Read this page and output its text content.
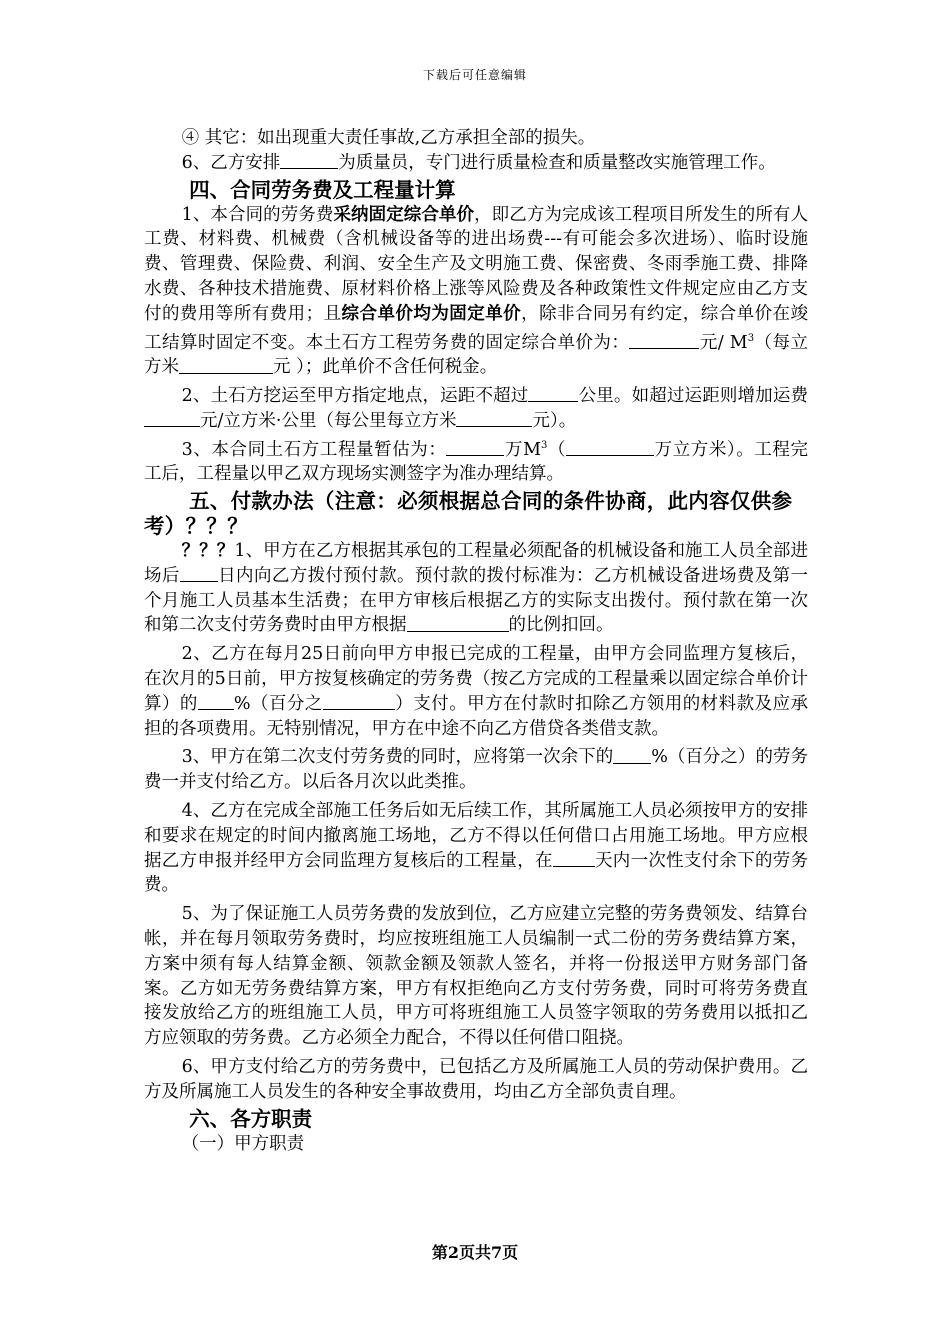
下载后可任意编辑

④ 其它：如出现重大责任事故,乙方承担全部的损失。

6、乙方安排	为质量员，专门进行质量检查和质量整改实施管理工作。

四、合同劳务费及工程量计算

1、本合同的劳务费采纳固定综合单价，即乙方为完成该工程项目所发生的所有人工费、材料费、机械费（含机械设备等的进出场费---有可能会多次进场）、临时设施费、管理费、保险费、利润、安全生产及文明施工费、保密费、冬雨季施工费、排降水费、各种技术措施费、原材料价格上涨等风险费及各种政策性文件规定应由乙方支付的费用等所有费用；且综合单价均为固定单价，除非合同另有约定，综合单价在竣工结算时固定不变。本土石方工程劳务费的固定综合单价为：	元/ $M^3$（每立方米	元 ）；此单价不含任何税金。

2、土石方挖运至甲方指定地点，运距不超过	公里。如超过运距则增加运费元/立方米·公里（每公里每立方米	元）。

3、本合同土石方工程量暂估为：	万$M^3$（	万立方米）。工程完工后，工程量以甲乙双方现场实测签字为准办理结算。

五、付款办法（注意：必须根据总合同的条件协商，此内容仅供参考）？？？

？？？1、甲方在乙方根据其承包的工程量必须配备的机械设备和施工人员全部进场后 日内向乙方拨付预付款。预付款的拨付标准为：乙方机械设备进场费及第一个月施工人员基本生活费；在甲方审核后根据乙方的实际支出拨付。预付款在第一次和第二次支付劳务费时由甲方根据	的比例扣回。

2、乙方在每月25日前向甲方申报已完成的工程量，由甲方会同监理方复核后，在次月的5日前，甲方按复核确定的劳务费（按乙方完成的工程量乘以固定综合单价计算）的 %（百分之	）支付。甲方在付款时扣除乙方领用的材料款及应承担的各项费用。无特别情况，甲方在中途不向乙方借贷各类借支款。

3、甲方在第二次支付劳务费的同时，应将第一次余下的 %（百分之）的劳务费一并支付给乙方。以后各月次以此类推。

4、乙方在完成全部施工任务后如无后续工作，其所属施工人员必须按甲方的安排和要求在规定的时间内撤离施工场地，乙方不得以任何借口占用施工场地。甲方应根据乙方申报并经甲方会同监理方复核后的工程量，在 天内一次性支付余下的劳务费。

5、为了保证施工人员劳务费的发放到位，乙方应建立完整的劳务费领发、结算台帐，并在每月领取劳务费时，均应按班组施工人员编制一式二份的劳务费结算方案，方案中须有每人结算金额、领款金额及领款人签名，并将一份报送甲方财务部门备案。乙方如无劳务费结算方案，甲方有权拒绝向乙方支付劳务费，同时可将劳务费直接发放给乙方的班组施工人员，甲方可将班组施工人员签字领取的劳务费用以抵扣乙方应领取的劳务费。乙方必须全力配合，不得以任何借口阻挠。

6、甲方支付给乙方的劳务费中，已包括乙方及所属施工人员的劳动保护费用。乙方及所属施工人员发生的各种安全事故费用，均由乙方全部负责自理。

六、各方职责

（一）甲方职责

第2页共7页
